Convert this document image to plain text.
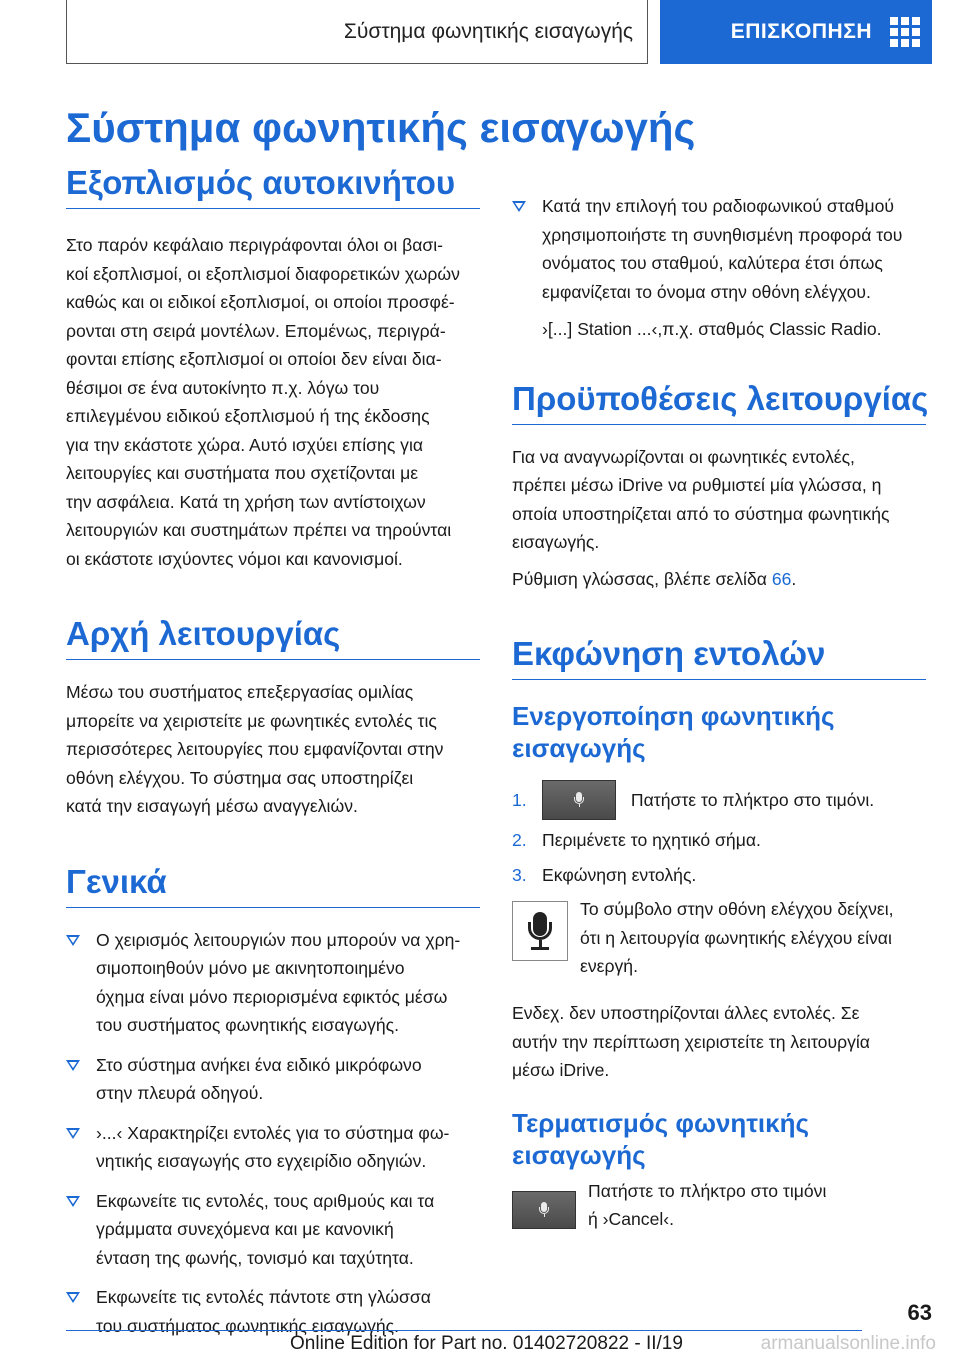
Σύστημα φωνητικής εισαγωγής	ΕΠΙΣΚΟΠΗΣΗ
Σύστημα φωνητικής εισαγωγής
Εξοπλισμός αυτοκινήτου

Στο παρόν κεφάλαιο περιγράφονται όλοι οι βασι‐
κοί εξοπλισμοί, οι εξοπλισμοί διαφορετικών χωρών
καθώς και οι ειδικοί εξοπλισμοί, οι οποίοι προσφέ‐
ρονται στη σειρά μοντέλων. Επομένως, περιγρά‐
φονται επίσης εξοπλισμοί οι οποίοι δεν είναι δια‐
θέσιμοι σε ένα αυτοκίνητο π.χ. λόγω του
επιλεγμένου ειδικού εξοπλισμού ή της έκδοσης
για την εκάστοτε χώρα. Αυτό ισχύει επίσης για
λειτουργίες και συστήματα που σχετίζονται με
την ασφάλεια. Κατά τη χρήση των αντίστοιχων
λειτουργιών και συστημάτων πρέπει να τηρούνται
οι εκάστοτε ισχύοντες νόμοι και κανονισμοί.

Αρχή λειτουργίας

Μέσω του συστήματος επεξεργασίας ομιλίας
μπορείτε να χειριστείτε με φωνητικές εντολές τις
περισσότερες λειτουργίες που εμφανίζονται στην
οθόνη ελέγχου. Το σύστημα σας υποστηρίζει
κατά την εισαγωγή μέσω αναγγελιών.

Γενικά
Ο χειρισμός λειτουργιών που μπορούν να χρη‐
σιμοποιηθούν μόνο με ακινητοποιημένο
όχημα είναι μόνο περιορισμένα εφικτός μέσω
του συστήματος φωνητικής εισαγωγής.
Στο σύστημα ανήκει ένα ειδικό μικρόφωνο
στην πλευρά οδηγού.
›...‹ Χαρακτηρίζει εντολές για το σύστημα φω‐
νητικής εισαγωγής στο εγχειρίδιο οδηγιών.
Εκφωνείτε τις εντολές, τους αριθμούς και τα
γράμματα συνεχόμενα και με κανονική
ένταση της φωνής, τονισμό και ταχύτητα.
Εκφωνείτε τις εντολές πάντοτε στη γλώσσα
του συστήματος φωνητικής εισαγωγής.
Κατά την επιλογή του ραδιοφωνικού σταθμού
χρησιμοποιήστε τη συνηθισμένη προφορά του
ονόματος του σταθμού, καλύτερα έτσι όπως
εμφανίζεται το όνομα στην οθόνη ελέγχου.

›[...] Station ...‹,π.χ. σταθμός Classic Radio.

Προϋποθέσεις λειτουργίας

Για να αναγνωρίζονται οι φωνητικές εντολές,
πρέπει μέσω iDrive να ρυθμιστεί μία γλώσσα, η
οποία υποστηρίζεται από το σύστημα φωνητικής
εισαγωγής.

Ρύθμιση γλώσσας, βλέπε σελίδα 66.

Εκφώνηση εντολών
Ενεργοποίηση φωνητικής
εισαγωγής
1.	Πατήστε το πλήκτρο στο τιμόνι.
2. Περιμένετε το ηχητικό σήμα.
3. Εκφώνηση εντολής.

Το σύμβολο στην οθόνη ελέγχου δείχνει,
ότι η λειτουργία φωνητικής ελέγχου είναι
ενεργή.

Ενδεχ. δεν υποστηρίζονται άλλες εντολές. Σε
αυτήν την περίπτωση χειριστείτε τη λειτουργία
μέσω iDrive.

Τερματισμός φωνητικής
εισαγωγής

Πατήστε το πλήκτρο στο τιμόνι
ή ›Cancel‹.

63
Online Edition for Part no. 01402720822 - II/19	armanualsonline.info
